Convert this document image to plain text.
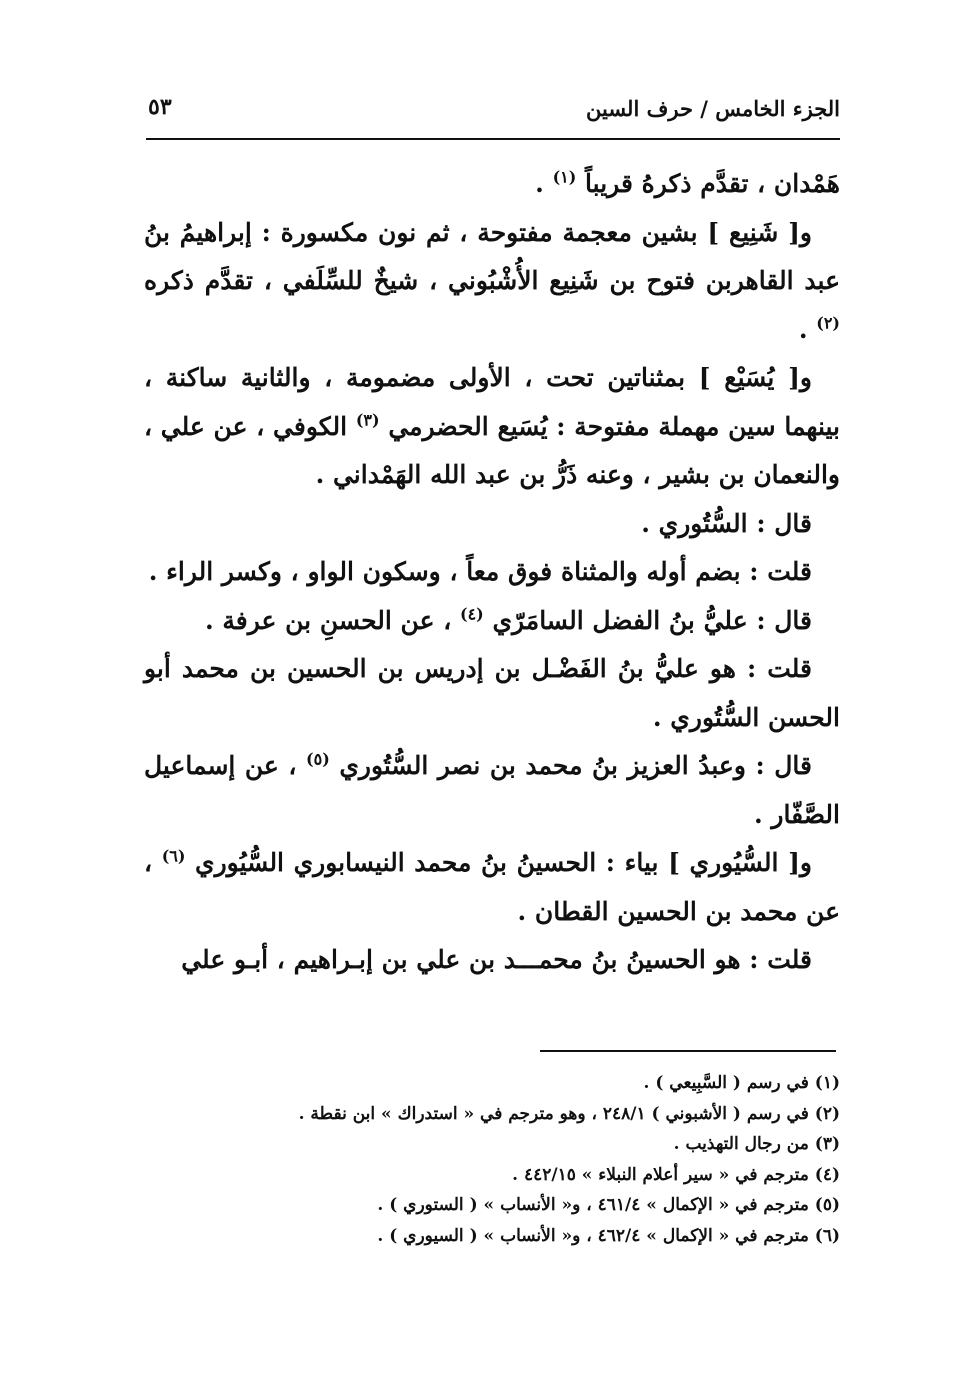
الجزء الخامس / حرف السين
٥٣

هَمْدان ، تقدَّم ذكرهُ قريباً $^{(١)}$ .

و[ شَنِيع ] بشين معجمة مفتوحة ، ثم نون مكسورة : إبراهيمُ بنُ عبد القاهربن فتوح بن شَنِيع الأُشْبُوني ، شيخٌ للسِّلَفي ، تقدَّم ذكره $^{(٢)}$ .

و[ يُسَيْع ] بمثناتين تحت ، الأولى مضمومة ، والثانية ساكنة ، بينهما سين مهملة مفتوحة : يُسَيع الحضرمي $^{(٣)}$ الكوفي ، عن علي ، والنعمان بن بشير ، وعنه ذَرُّ بن عبد الله الهَمْداني .

قال : السُّتُوري .

قلت : بضم أوله والمثناة فوق معاً ، وسكون الواو ، وكسر الراء .

قال : عليُّ بنُ الفضل السامَرّي $^{(٤)}$ ، عن الحسنِ بن عرفة .

قلت : هو عليُّ بنُ الفَضْـل بن إدريس بن الحسين بن محمد أبو الحسن السُّتُوري .

قال : وعبدُ العزيز بنُ محمد بن نصر السُّتُوري $^{(٥)}$ ، عن إسماعيل الصَّفّار .

و[ السُّيُوري ] بياء : الحسينُ بنُ محمد النيسابوري السُّيُوري $^{(٦)}$ ، عن محمد بن الحسين القطان .

قلت : هو الحسينُ بنُ محمـــد بن علي بن إبـراهيم ، أبـو علي

(١) في رسم ( السَّبِيعي ) .

(٢) في رسم ( الأشبوني ) ٢٤٨/١ ، وهو مترجم في « استدراك » ابن نقطة .

(٣) من رجال التهذيب .

(٤) مترجم في « سير أعلام النبلاء » ٤٤٢/١٥ .

(٥) مترجم في « الإكمال » ٤٦١/٤ ، و« الأنساب » ( الستوري ) .

(٦) مترجم في « الإكمال » ٤٦٢/٤ ، و« الأنساب » ( السيوري ) .
